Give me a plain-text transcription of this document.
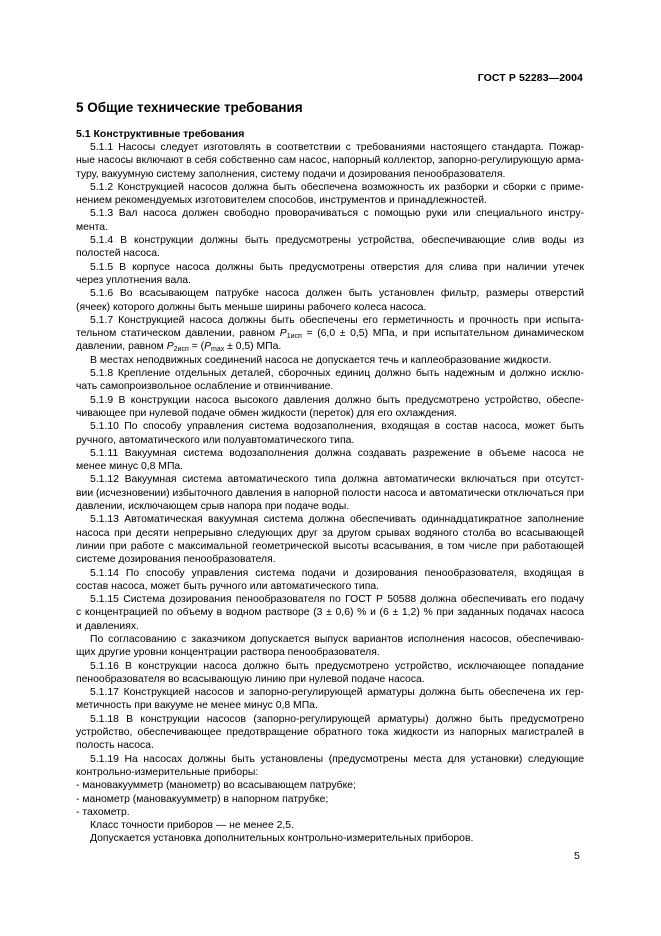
ГОСТ Р 52283—2004
5 Общие технические требования
5.1 Конструктивные требования
5.1.1 Насосы следует изготовлять в соответствии с требованиями настоящего стандарта. Пожар-
ные насосы включают в себя собственно сам насос, напорный коллектор, запорно-регулирующую арма-
туру, вакуумную систему заполнения, систему подачи и дозирования пенообразователя.
5.1.2 Конструкцией насосов должна быть обеспечена возможность их разборки и сборки с приме-
нением рекомендуемых изготовителем способов, инструментов и принадлежностей.
5.1.3 Вал насоса должен свободно проворачиваться с помощью руки или специального инстру-
мента.
5.1.4 В конструкции должны быть предусмотрены устройства, обеспечивающие слив воды из
полостей насоса.
5.1.5 В корпусе насоса должны быть предусмотрены отверстия для слива при наличии утечек
через уплотнения вала.
5.1.6 Во всасывающем патрубке насоса должен быть установлен фильтр, размеры отверстий
(ячеек) которого должны быть меньше ширины рабочего колеса насоса.
5.1.7 Конструкцией насоса должны быть обеспечены его герметичность и прочность при испыта-
тельном статическом давлении, равном $P_{1исп} = (6,0 \pm 0,5)$ МПа, и при испытательном динамическом
давлении, равном $P_{2исп} = (P_{max} \pm 0,5)$ МПа.
В местах неподвижных соединений насоса не допускается течь и каплеобразование жидкости.
5.1.8 Крепление отдельных деталей, сборочных единиц должно быть надежным и должно исклю-
чать самопроизвольное ослабление и отвинчивание.
5.1.9 В конструкции насоса высокого давления должно быть предусмотрено устройство, обеспе-
чивающее при нулевой подаче обмен жидкости (переток) для его охлаждения.
5.1.10 По способу управления система водозаполнения, входящая в состав насоса, может быть
ручного, автоматического или полуавтоматического типа.
5.1.11 Вакуумная система водозаполнения должна создавать разрежение в объеме насоса не
менее минус 0,8 МПа.
5.1.12 Вакуумная система автоматического типа должна автоматически включаться при отсутст-
вии (исчезновении) избыточного давления в напорной полости насоса и автоматически отключаться при
давлении, исключающем срыв напора при подаче воды.
5.1.13 Автоматическая вакуумная система должна обеспечивать одиннадцатикратное заполнение
насоса при десяти непрерывно следующих друг за другом срывах водяного столба во всасывающей
линии при работе с максимальной геометрической высоты всасывания, в том числе при работающей
системе дозирования пенообразователя.
5.1.14 По способу управления система подачи и дозирования пенообразователя, входящая в
состав насоса, может быть ручного или автоматического типа.
5.1.15 Система дозирования пенообразователя по ГОСТ Р 50588 должна обеспечивать его подачу
с концентрацией по объему в водном растворе (3 ± 0,6) % и (6 ± 1,2) % при заданных подачах насоса
и давлениях.
По согласованию с заказчиком допускается выпуск вариантов исполнения насосов, обеспечиваю-
щих другие уровни концентрации раствора пенообразователя.
5.1.16 В конструкции насоса должно быть предусмотрено устройство, исключающее попадание
пенообразователя во всасывающую линию при нулевой подаче насоса.
5.1.17 Конструкцией насосов и запорно-регулирующей арматуры должна быть обеспечена их гер-
метичность при вакууме не менее минус 0,8 МПа.
5.1.18 В конструкции насосов (запорно-регулирующей арматуры) должно быть предусмотрено
устройство, обеспечивающее предотвращение обратного тока жидкости из напорных магистралей в
полость насоса.
5.1.19 На насосах должны быть установлены (предусмотрены места для установки) следующие
контрольно-измерительные приборы:
- мановакуумметр (манометр) во всасывающем патрубке;
- манометр (мановакуумметр) в напорном патрубке;
- тахометр.
Класс точности приборов — не менее 2,5.
Допускается установка дополнительных контрольно-измерительных приборов.
5
